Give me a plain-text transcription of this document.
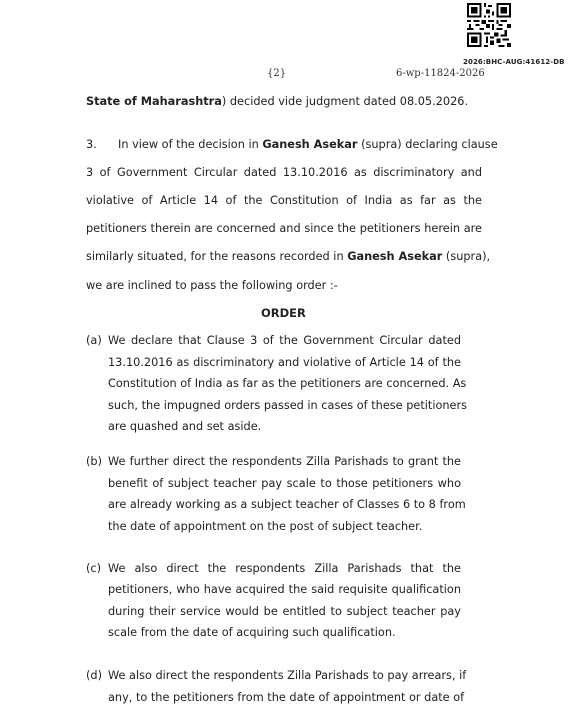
2026:BHC-AUG:41612-DB
{2}	6-wp-11824-2026
State of Maharashtra) decided vide judgment dated 08.05.2026.
3. In view of the decision in Ganesh Asekar (supra) declaring clause
3 of Government Circular dated 13.10.2016 as discriminatory and
violative of Article 14 of the Constitution of India as far as the
petitioners therein are concerned and since the petitioners herein are
similarly situated, for the reasons recorded in Ganesh Asekar (supra),
we are inclined to pass the following order :-
ORDER
(a) We declare that Clause 3 of the Government Circular dated
13.10.2016 as discriminatory and violative of Article 14 of the
Constitution of India as far as the petitioners are concerned. As
such, the impugned orders passed in cases of these petitioners
are quashed and set aside.
(b) We further direct the respondents Zilla Parishads to grant the
benefit of subject teacher pay scale to those petitioners who
are already working as a subject teacher of Classes 6 to 8 from
the date of appointment on the post of subject teacher.
(c) We also direct the respondents Zilla Parishads that the
petitioners, who have acquired the said requisite qualification
during their service would be entitled to subject teacher pay
scale from the date of acquiring such qualification.
(d) We also direct the respondents Zilla Parishads to pay arrears, if
any, to the petitioners from the date of appointment or date of
